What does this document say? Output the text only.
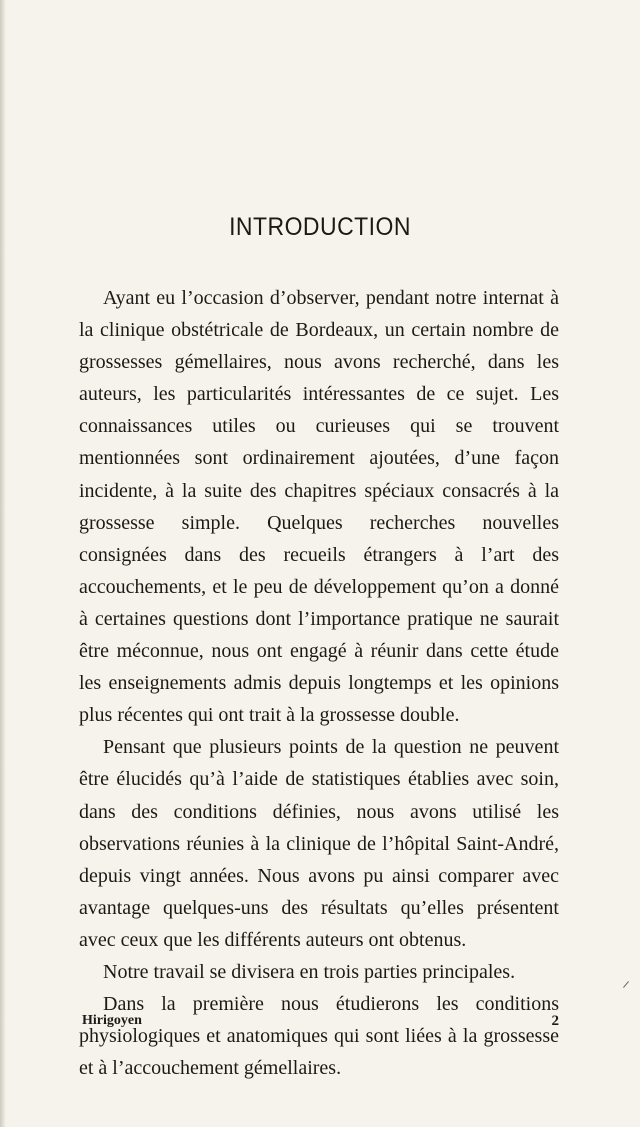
INTRODUCTION

Ayant eu l’occasion d’observer, pendant notre internat à la clinique obstétricale de Bordeaux, un certain nombre de grossesses gémellaires, nous avons recherché, dans les auteurs, les particularités intéressantes de ce sujet. Les connaissances utiles ou curieuses qui se trouvent mentionnées sont ordinairement ajoutées, d’une façon incidente, à la suite des chapitres spéciaux consacrés à la grossesse simple. Quelques recherches nouvelles consignées dans des recueils étrangers à l’art des accouchements, et le peu de développement qu’on a donné à certaines questions dont l’importance pratique ne saurait être méconnue, nous ont engagé à réunir dans cette étude les enseignements admis depuis longtemps et les opinions plus récentes qui ont trait à la grossesse double.

Pensant que plusieurs points de la question ne peuvent être élucidés qu’à l’aide de statistiques établies avec soin, dans des conditions définies, nous avons utilisé les observations réunies à la clinique de l’hôpital Saint-André, depuis vingt années. Nous avons pu ainsi comparer avec avantage quelques-uns des résultats qu’elles présentent avec ceux que les différents auteurs ont obtenus.

Notre travail se divisera en trois parties principales.

Dans la première nous étudierons les conditions physiologiques et anatomiques qui sont liées à la grossesse et à l’accouchement gémellaires.

Hirigoyen	2
